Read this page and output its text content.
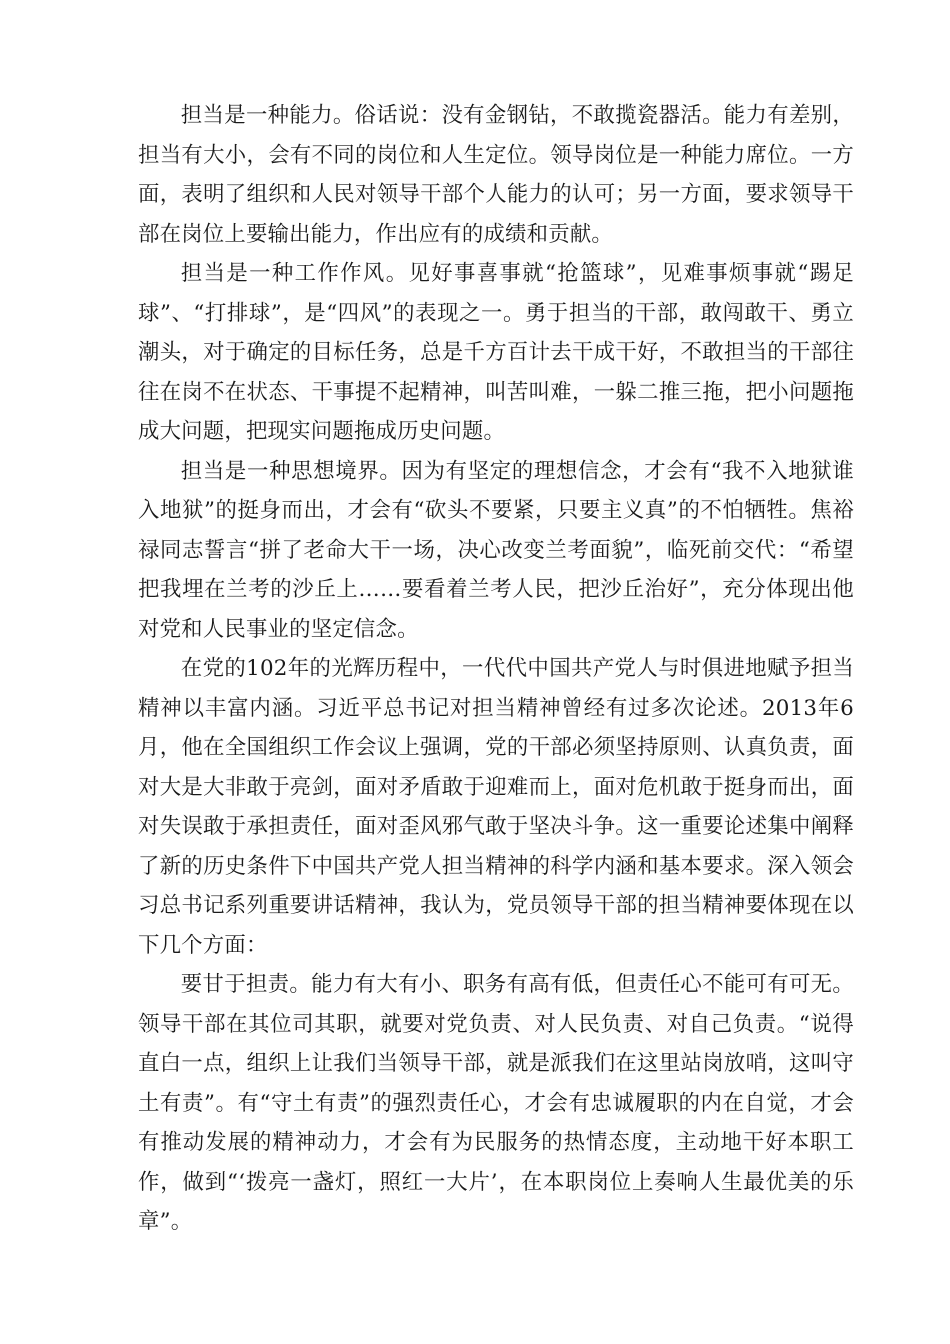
担当是一种能力。俗话说：没有金钢钻，不敢揽瓷器活。能力有差别，担当有大小，会有不同的岗位和人生定位。领导岗位是一种能力席位。一方面，表明了组织和人民对领导干部个人能力的认可；另一方面，要求领导干部在岗位上要输出能力，作出应有的成绩和贡献。

担当是一种工作作风。见好事喜事就“抢篮球”，见难事烦事就“踢足球”、“打排球”，是“四风”的表现之一。勇于担当的干部，敢闯敢干、勇立潮头，对于确定的目标任务，总是千方百计去干成干好，不敢担当的干部往往在岗不在状态、干事提不起精神，叫苦叫难，一躲二推三拖，把小问题拖成大问题，把现实问题拖成历史问题。

担当是一种思想境界。因为有坚定的理想信念，才会有“我不入地狱谁入地狱”的挺身而出，才会有“砍头不要紧，只要主义真”的不怕牺牲。焦裕禄同志誓言“拼了老命大干一场，决心改变兰考面貌”，临死前交代：“希望把我埋在兰考的沙丘上……要看着兰考人民，把沙丘治好”，充分体现出他对党和人民事业的坚定信念。

在党的102年的光辉历程中，一代代中国共产党人与时俱进地赋予担当精神以丰富内涵。习近平总书记对担当精神曾经有过多次论述。2013年6月，他在全国组织工作会议上强调，党的干部必须坚持原则、认真负责，面对大是大非敢于亮剑，面对矛盾敢于迎难而上，面对危机敢于挺身而出，面对失误敢于承担责任，面对歪风邪气敢于坚决斗争。这一重要论述集中阐释了新的历史条件下中国共产党人担当精神的科学内涵和基本要求。深入领会习总书记系列重要讲话精神，我认为，党员领导干部的担当精神要体现在以下几个方面：

要甘于担责。能力有大有小、职务有高有低，但责任心不能可有可无。领导干部在其位司其职，就要对党负责、对人民负责、对自己负责。“说得直白一点，组织上让我们当领导干部，就是派我们在这里站岗放哨，这叫守土有责”。有“守土有责”的强烈责任心，才会有忠诚履职的内在自觉，才会有推动发展的精神动力，才会有为民服务的热情态度，主动地干好本职工作，做到“‘拨亮一盏灯，照红一大片’，在本职岗位上奏响人生最优美的乐章”。
